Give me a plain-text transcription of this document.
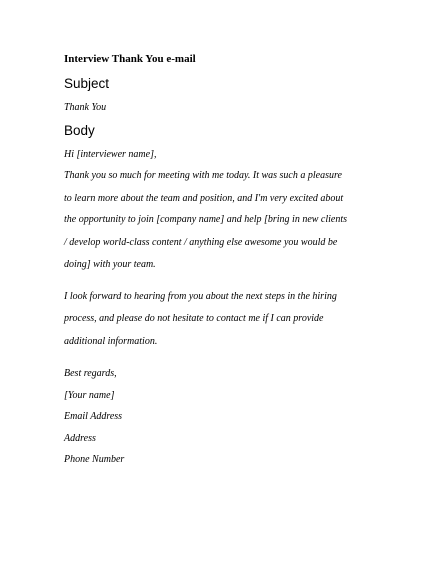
Interview Thank You e-mail
Subject
Thank You
Body
Hi [interviewer name],
Thank you so much for meeting with me today. It was such a pleasure
to learn more about the team and position, and I'm very excited about
the opportunity to join [company name] and help [bring in new clients
/ develop world-class content / anything else awesome you would be
doing] with your team.
I look forward to hearing from you about the next steps in the hiring
process, and please do not hesitate to contact me if I can provide
additional information.
Best regards,
[Your name]
Email Address
Address
Phone Number
